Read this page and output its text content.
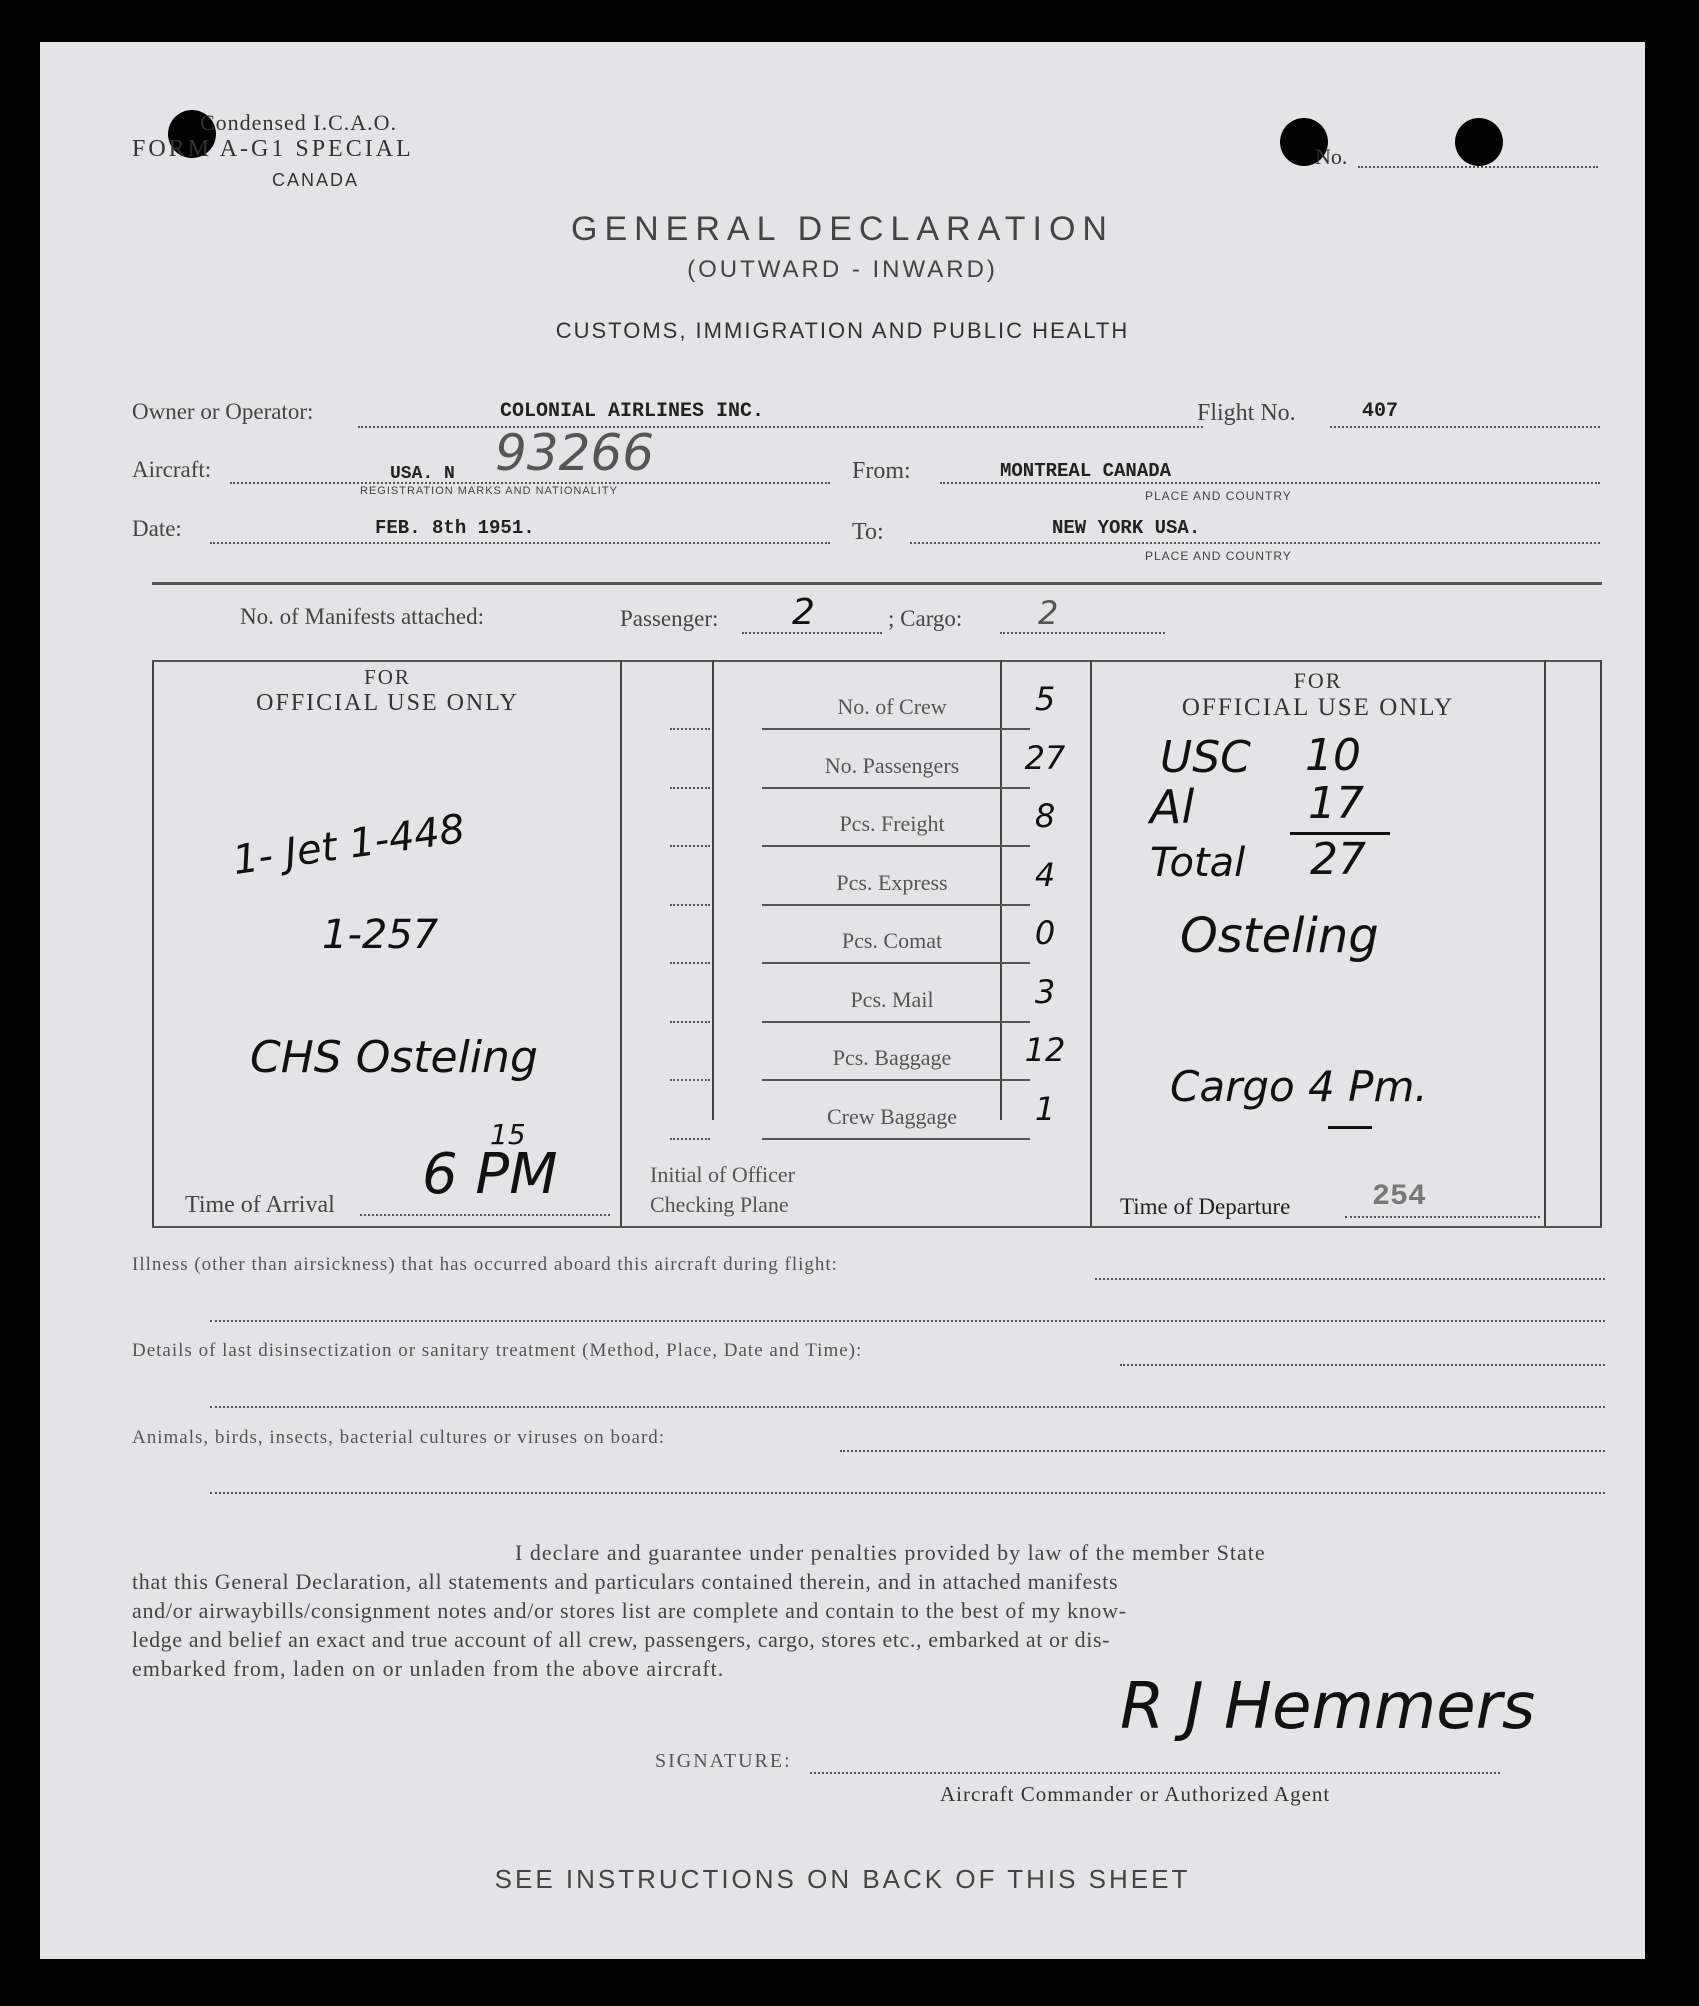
Condensed I.C.A.O.
FORM A-G1 SPECIAL
CANADA
No.
GENERAL DECLARATION
(OUTWARD - INWARD)
CUSTOMS, IMMIGRATION AND PUBLIC HEALTH
Owner or Operator:	COLONIAL AIRLINES INC.	Flight No.	407
Aircraft:	USA. N 93266
REGISTRATION MARKS AND NATIONALITY
From:	MONTREAL CANADA
PLACE AND COUNTRY
Date:	FEB. 8th 1951.	To:	NEW YORK USA.
PLACE AND COUNTRY
No. of Manifests attached:	Passenger: 2	; Cargo: 2
FOR
OFFICIAL USE ONLY
1- Jet 1-448
1-257
CHS Osteling
Time of Arrival
15
6 PM	Initial of Officer
Checking Plane
FOR
OFFICIAL USE ONLY
USC 10
Al	17
Total 27
Osteling
Cargo 4 Pm.
Time of Departure	254
Illness (other than airsickness) that has occurred aboard this aircraft during flight:
Details of last disinsectization or sanitary treatment (Method, Place, Date and Time):
Animals, birds, insects, bacterial cultures or viruses on board:
I declare and guarantee under penalties provided by law of the member State
that this General Declaration, all statements and particulars contained therein, and in attached manifests
and/or airwaybills/consignment notes and/or stores list are complete and contain to the best of my know-
ledge and belief an exact and true account of all crew, passengers, cargo, stores etc., embarked at or dis-
embarked from, laden on or unladen from the above aircraft.
SIGNATURE:
R J Hemmers
Aircraft Commander or Authorized Agent
SEE INSTRUCTIONS ON BACK OF THIS SHEET
No. of Crew	5
No. Passengers	27
Pcs. Freight	8
Pcs. Express	4
Pcs. Comat	0
Pcs. Mail	3
Pcs. Baggage	12
Crew Baggage	1
